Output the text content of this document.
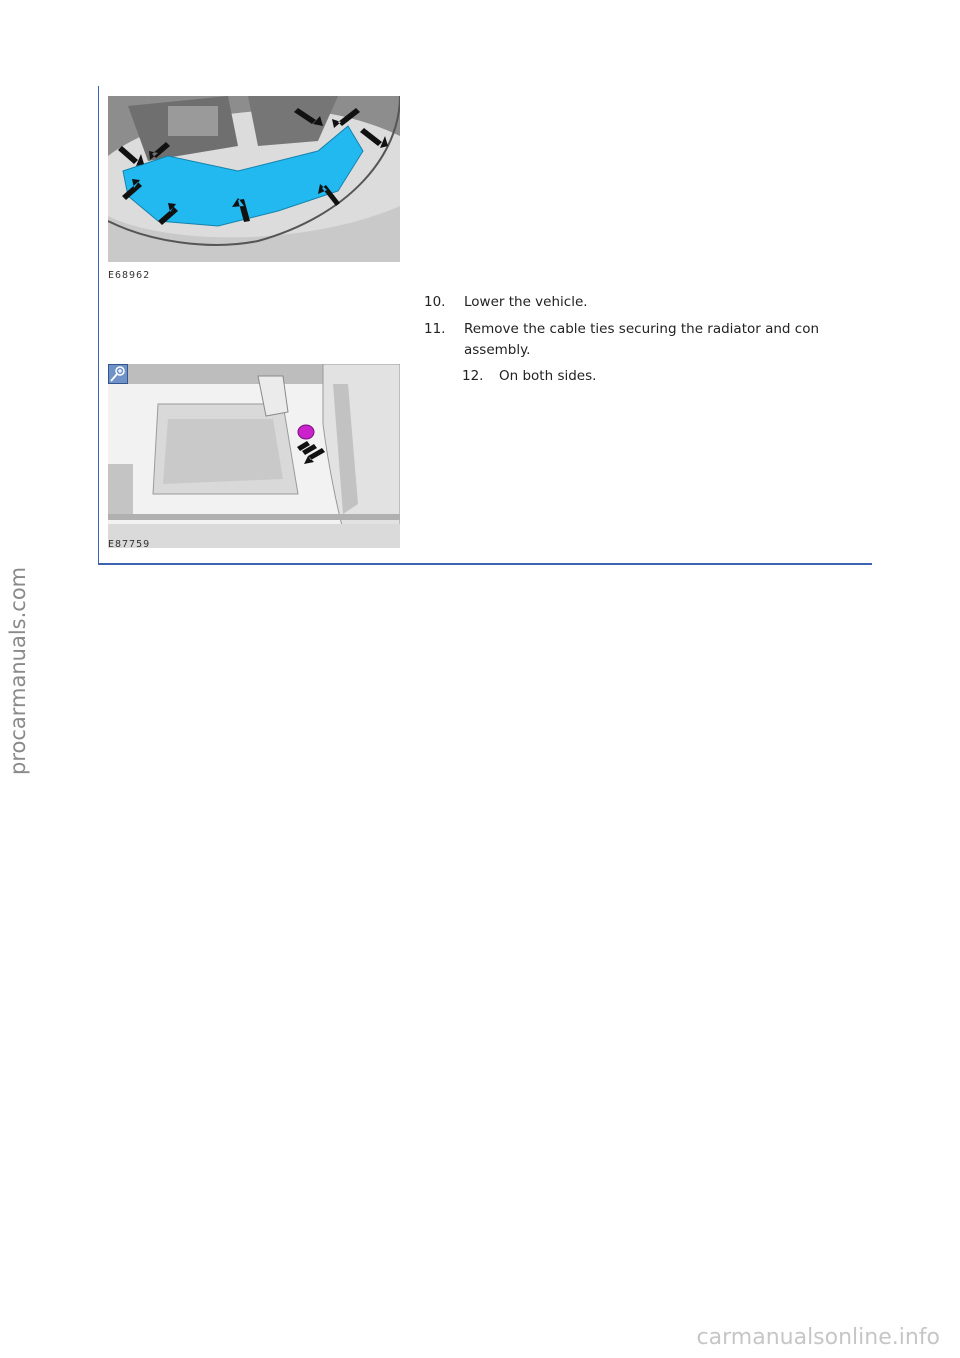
E68962
10. Lower the vehicle.
11. Remove the cable ties securing the radiator and con
assembly.
12. On both sides.
E87759
procarmanuals.com
carmanualsonline.info
